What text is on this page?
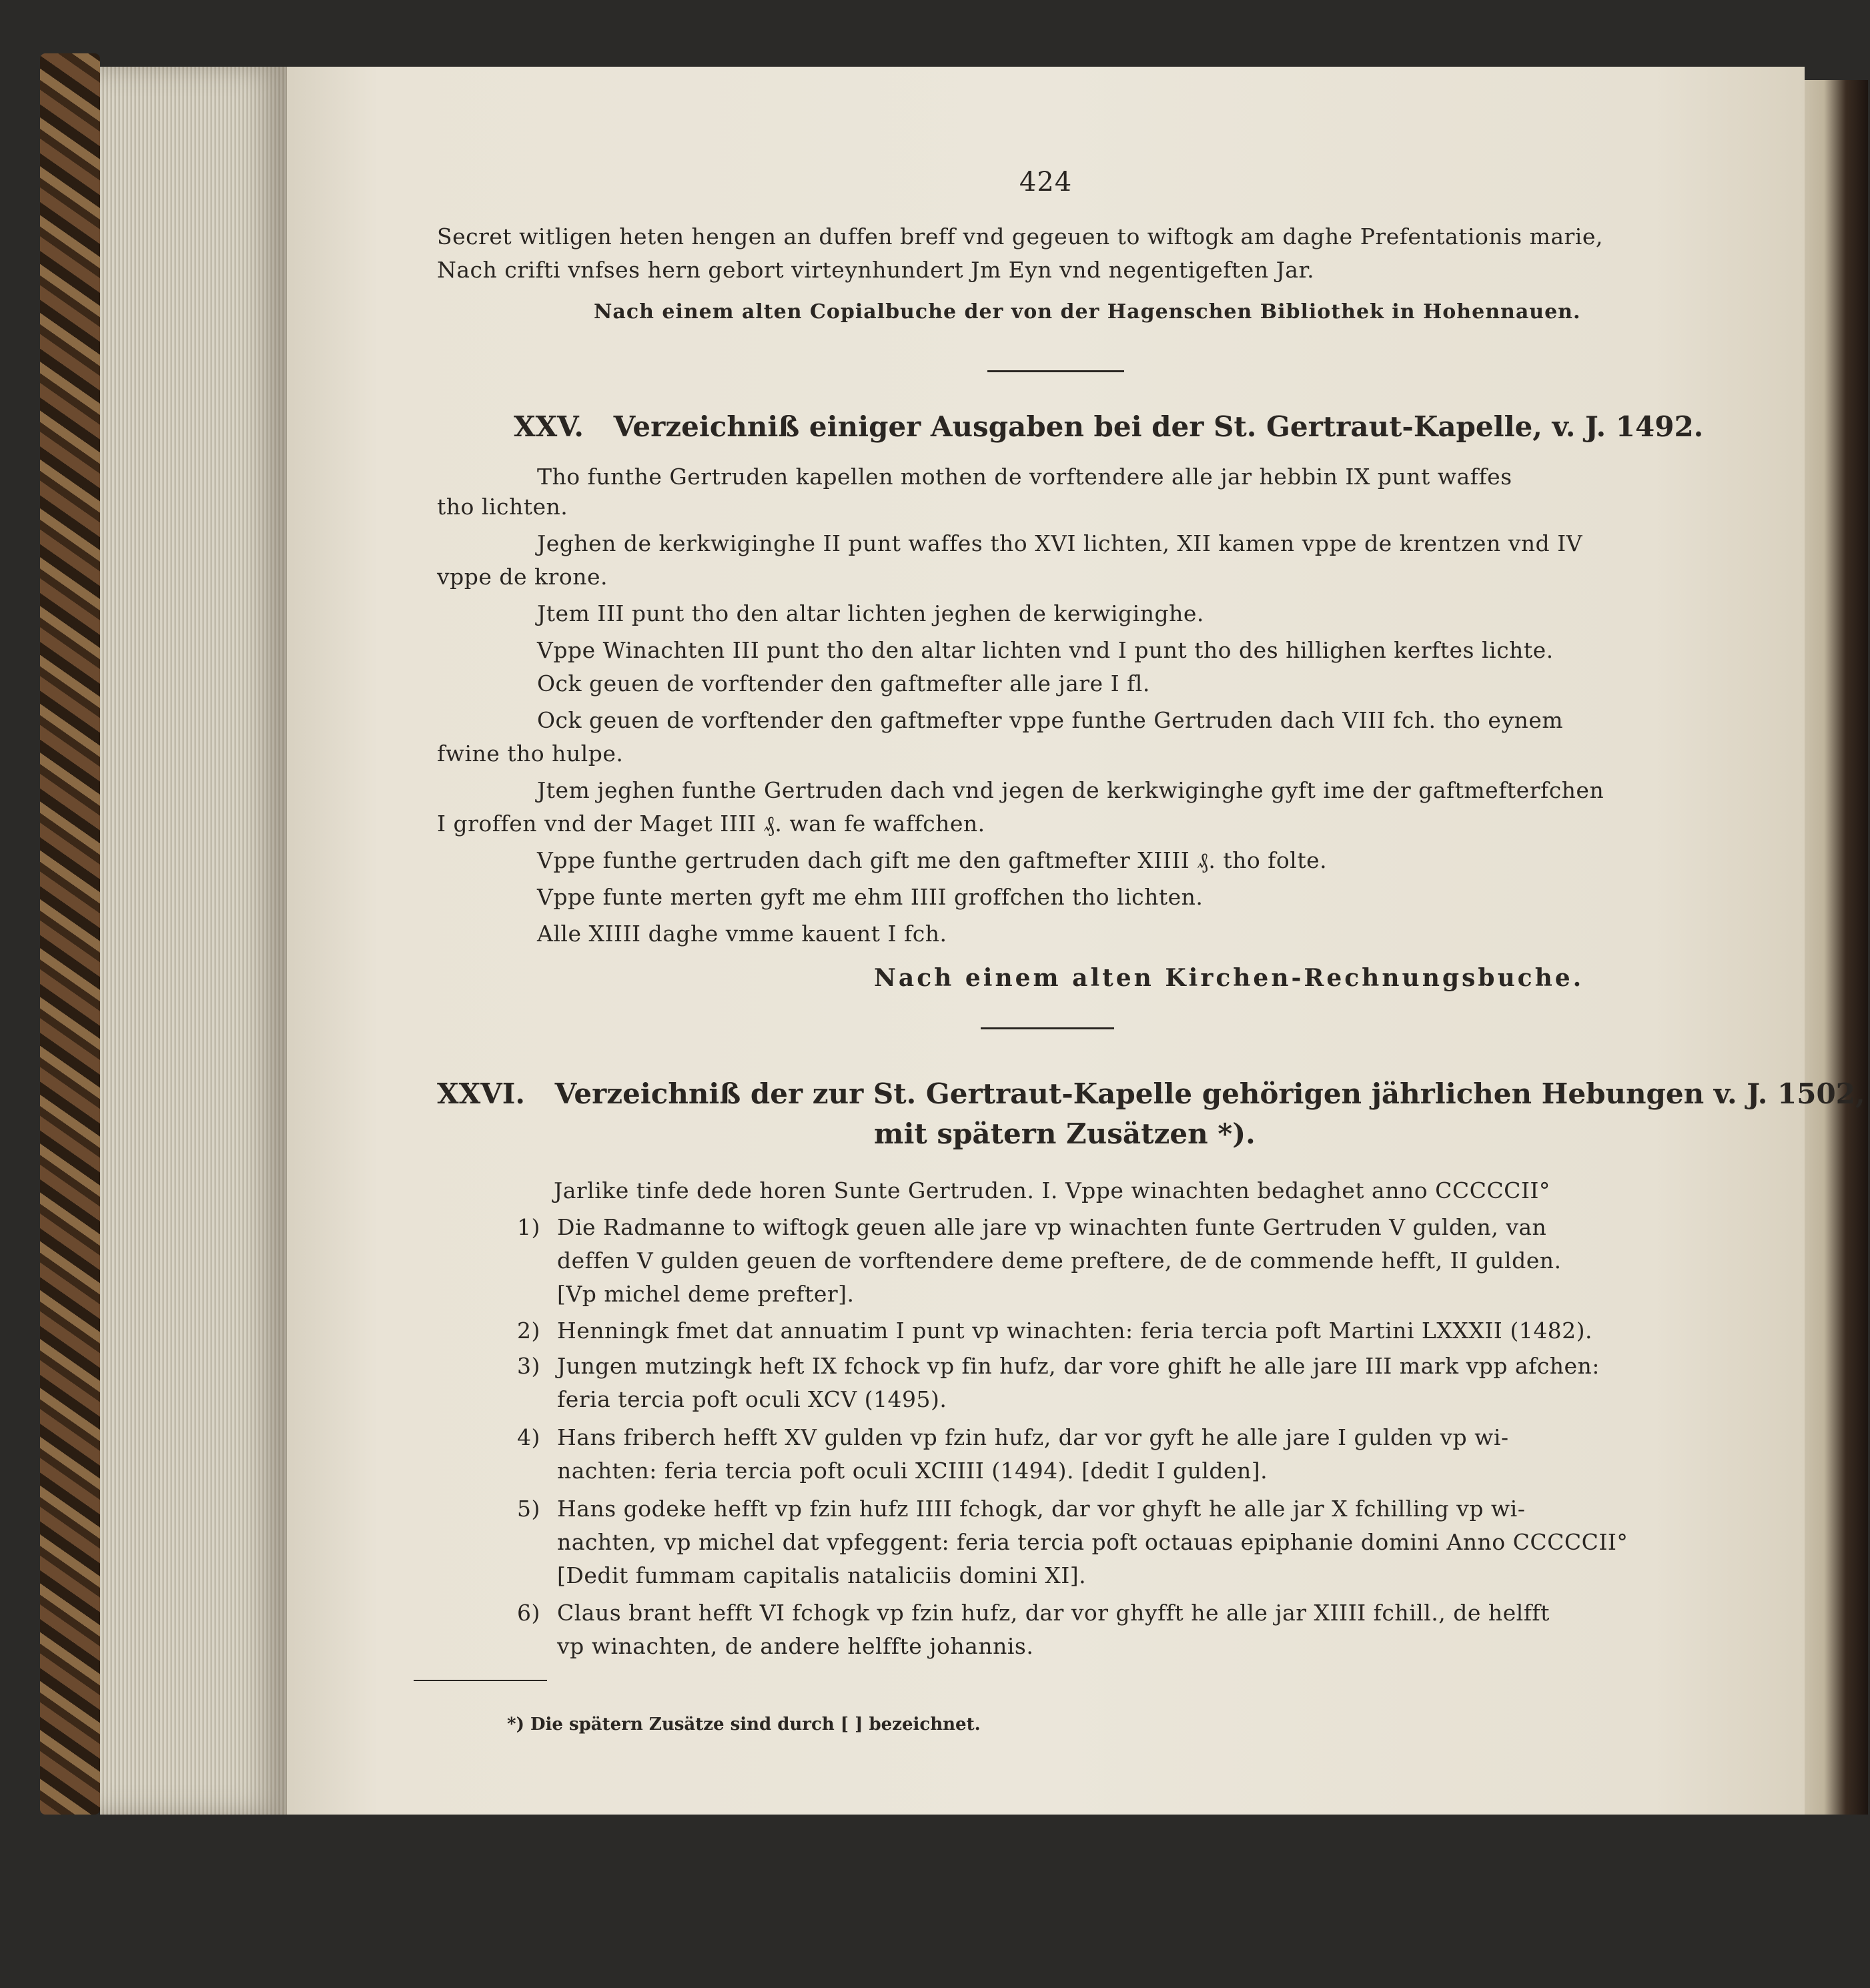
424
Secret witligen heten hengen an duffen breff vnd gegeuen to wiftogk am daghe Prefentationis marie,
Nach crifti vnfses hern gebort virteynhundert Jm Eyn vnd negentigeften Jar.
Nach einem alten Copialbuche der von der Hagenschen Bibliothek in Hohennauen.
XXV. Verzeichniß einiger Ausgaben bei der St. Gertraut-Kapelle, v. J. 1492.
Tho funthe Gertruden kapellen mothen de vorftendere alle jar hebbin IX punt waffes
tho lichten.
Jeghen de kerkwiginghe II punt waffes tho XVI lichten, XII kamen vppe de krentzen vnd IV
vppe de krone.
Jtem III punt tho den altar lichten jeghen de kerwiginghe.
Vppe Winachten III punt tho den altar lichten vnd I punt tho des hillighen kerftes lichte.
Ock geuen de vorftender den gaftmefter alle jare I fl.
Ock geuen de vorftender den gaftmefter vppe funthe Gertruden dach VIII fch. tho eynem
fwine tho hulpe.
Jtem jeghen funthe Gertruden dach vnd jegen de kerkwiginghe gyft ime der gaftmefterfchen
I groffen vnd der Maget IIII ₰. wan fe waffchen.
Vppe funthe gertruden dach gift me den gaftmefter XIIII ₰. tho folte.
Vppe funte merten gyft me ehm IIII groffchen tho lichten.
Alle XIIII daghe vmme kauent I fch.
Nach einem alten Kirchen-Rechnungsbuche.
XXVI. Verzeichniß der zur St. Gertraut-Kapelle gehörigen jährlichen Hebungen v. J. 1502,
mit spätern Zusätzen *).
Jarlike tinfe dede horen Sunte Gertruden. I. Vppe winachten bedaghet anno CCCCCII°
1) Die Radmanne to wiftogk geuen alle jare vp winachten funte Gertruden V gulden, van
deffen V gulden geuen de vorftendere deme preftere, de de commende hefft, II gulden.
[Vp michel deme prefter].
2) Henningk fmet dat annuatim I punt vp winachten: feria tercia poft Martini LXXXII (1482).
3) Jungen mutzingk heft IX fchock vp fin hufz, dar vore ghift he alle jare III mark vpp afchen:
feria tercia poft oculi XCV (1495).
4) Hans friberch hefft XV gulden vp fzin hufz, dar vor gyft he alle jare I gulden vp wi-
nachten: feria tercia poft oculi XCIIII (1494). [dedit I gulden].
5) Hans godeke hefft vp fzin hufz IIII fchogk, dar vor ghyft he alle jar X fchilling vp wi-
nachten, vp michel dat vpfeggent: feria tercia poft octauas epiphanie domini Anno CCCCCII°
[Dedit fummam capitalis nataliciis domini XI].
6) Claus brant hefft VI fchogk vp fzin hufz, dar vor ghyfft he alle jar XIIII fchill., de helfft
vp winachten, de andere helffte johannis.
*) Die spätern Zusätze sind durch [ ] bezeichnet.
